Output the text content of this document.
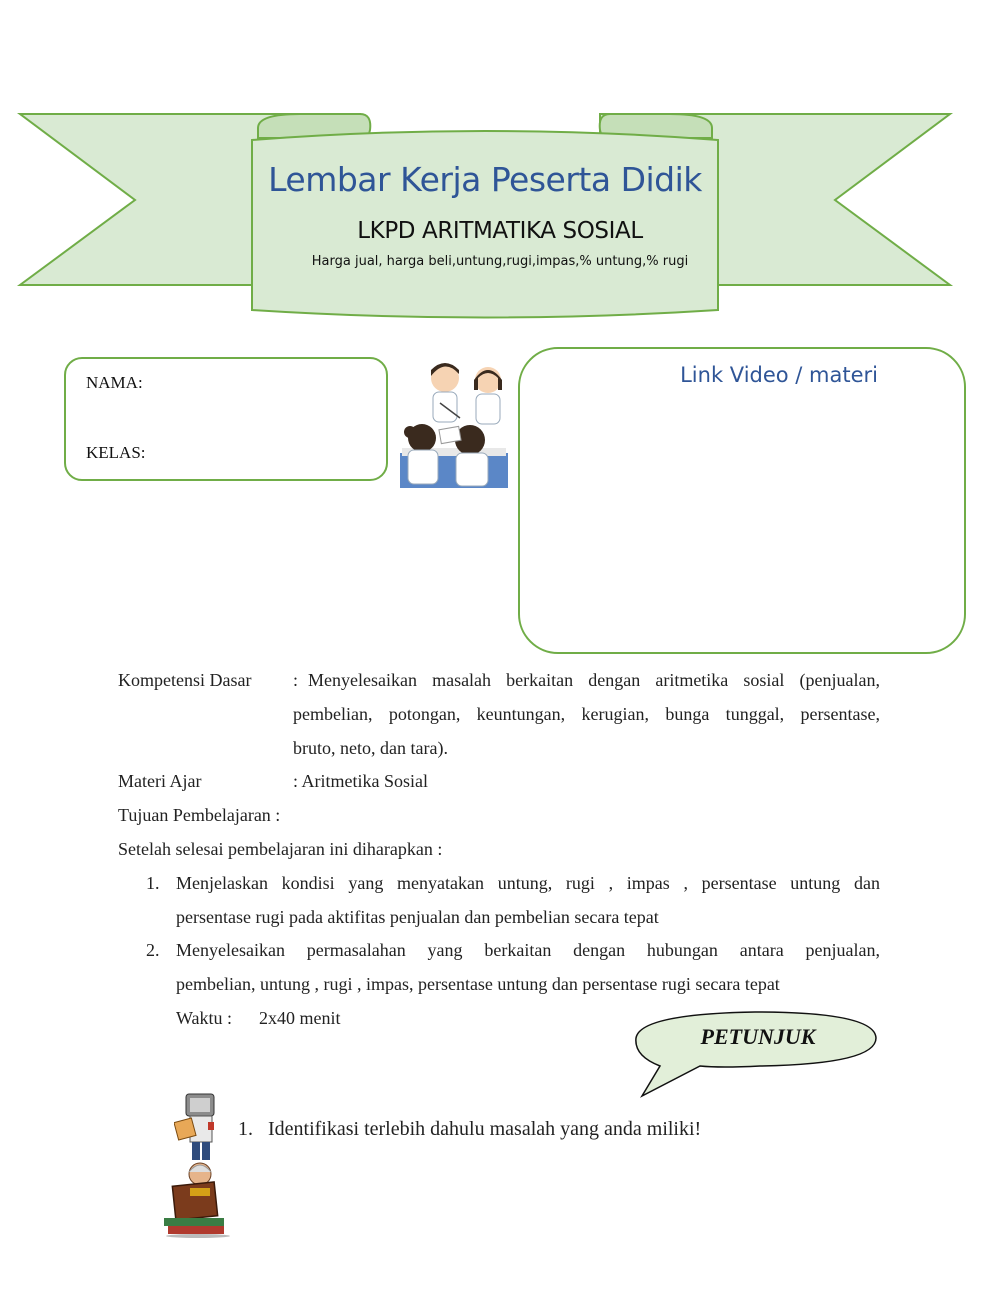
Lembar Kerja Peserta Didik
LKPD ARITMATIKA SOSIAL
Harga jual, harga beli,untung,rugi,impas,% untung,% rugi
NAMA:
KELAS:
Link Video / materi
Kompetensi Dasar : Menyelesaikan masalah berkaitan dengan aritmetika sosial (penjualan,
pembelian, potongan, keuntungan, kerugian, bunga tunggal, persentase,
bruto, neto, dan tara).
Materi Ajar	: Aritmetika Sosial
Tujuan Pembelajaran :
Setelah selesai pembelajaran ini diharapkan :
1. Menjelaskan kondisi yang menyatakan untung, rugi , impas , persentase untung dan
persentase rugi pada aktifitas penjualan dan pembelian secara tepat
2. Menyelesaikan permasalahan yang berkaitan dengan hubungan antara penjualan,
pembelian, untung , rugi , impas, persentase untung dan persentase rugi secara tepat
Waktu : 2x40 menit
PETUNJUK
1. Identifikasi terlebih dahulu masalah yang anda miliki!
